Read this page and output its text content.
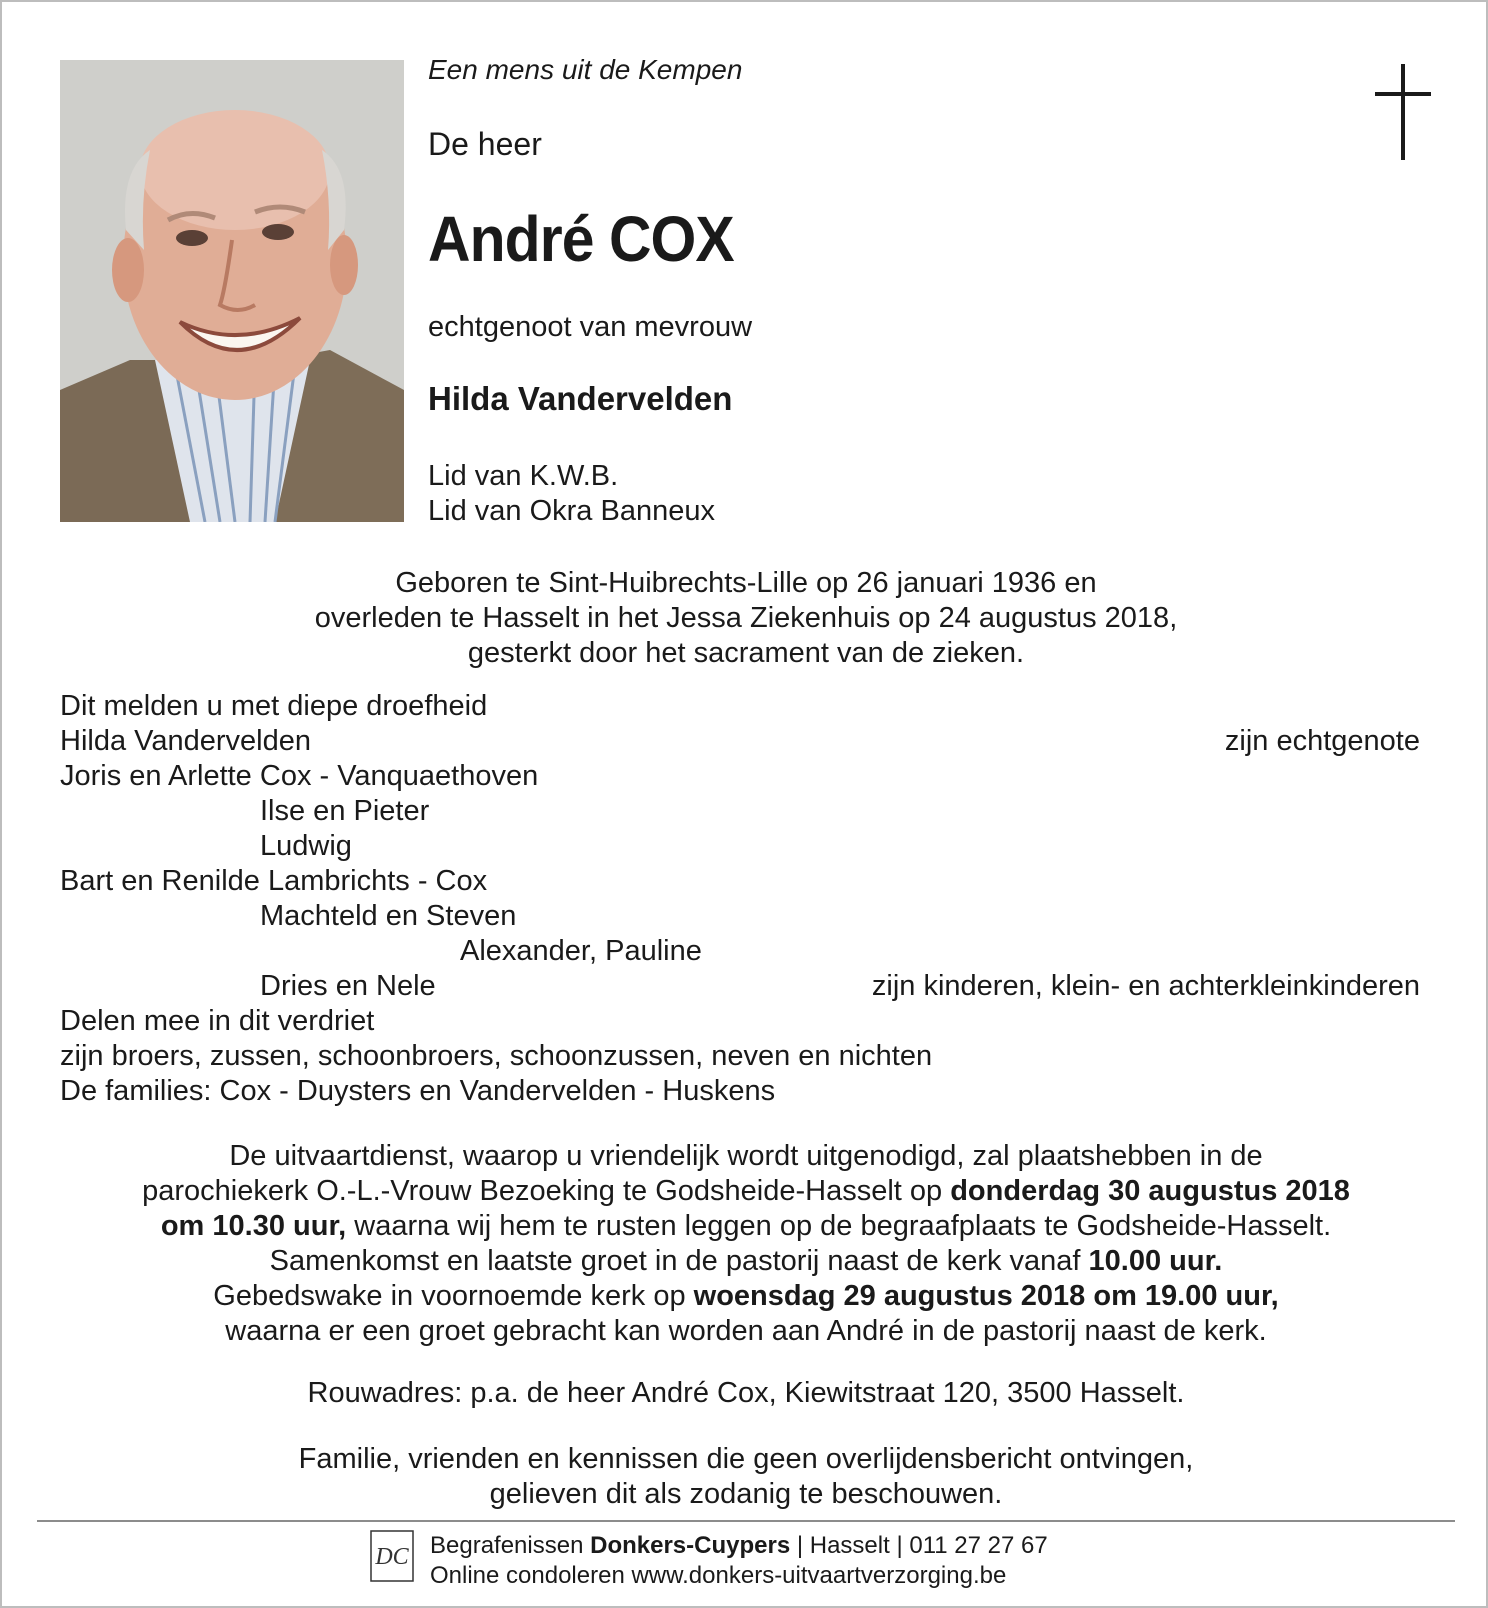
Een mens uit de Kempen
De heer
André COX
echtgenoot van mevrouw
Hilda Vandervelden
Lid van K.W.B.
Lid van Okra Banneux
Geboren te Sint-Huibrechts-Lille op 26 januari 1936 en
overleden te Hasselt in het Jessa Ziekenhuis op 24 augustus 2018,
gesterkt door het sacrament van de zieken.
Dit melden u met diepe droefheid
Hilda Vandervelden	zijn echtgenote
Joris en Arlette Cox - Vanquaethoven
Ilse en Pieter
Ludwig
Bart en Renilde Lambrichts - Cox
Machteld en Steven
Alexander, Pauline
Dries en Nele	zijn kinderen, klein- en achterkleinkinderen
Delen mee in dit verdriet
zijn broers, zussen, schoonbroers, schoonzussen, neven en nichten
De families: Cox - Duysters en Vandervelden - Huskens
De uitvaartdienst, waarop u vriendelijk wordt uitgenodigd, zal plaatshebben in de
parochiekerk O.-L.-Vrouw Bezoeking te Godsheide-Hasselt op donderdag 30 augustus 2018
om 10.30 uur, waarna wij hem te rusten leggen op de begraafplaats te Godsheide-Hasselt.
Samenkomst en laatste groet in de pastorij naast de kerk vanaf 10.00 uur.
Gebedswake in voornoemde kerk op woensdag 29 augustus 2018 om 19.00 uur,
waarna er een groet gebracht kan worden aan André in de pastorij naast de kerk.
Rouwadres: p.a. de heer André Cox, Kiewitstraat 120, 3500 Hasselt.
Familie, vrienden en kennissen die geen overlijdensbericht ontvingen,
gelieven dit als zodanig te beschouwen.
DC Begrafenissen Donkers-Cuypers | Hasselt | 011 27 27 67
Online condoleren www.donkers-uitvaartverzorging.be
